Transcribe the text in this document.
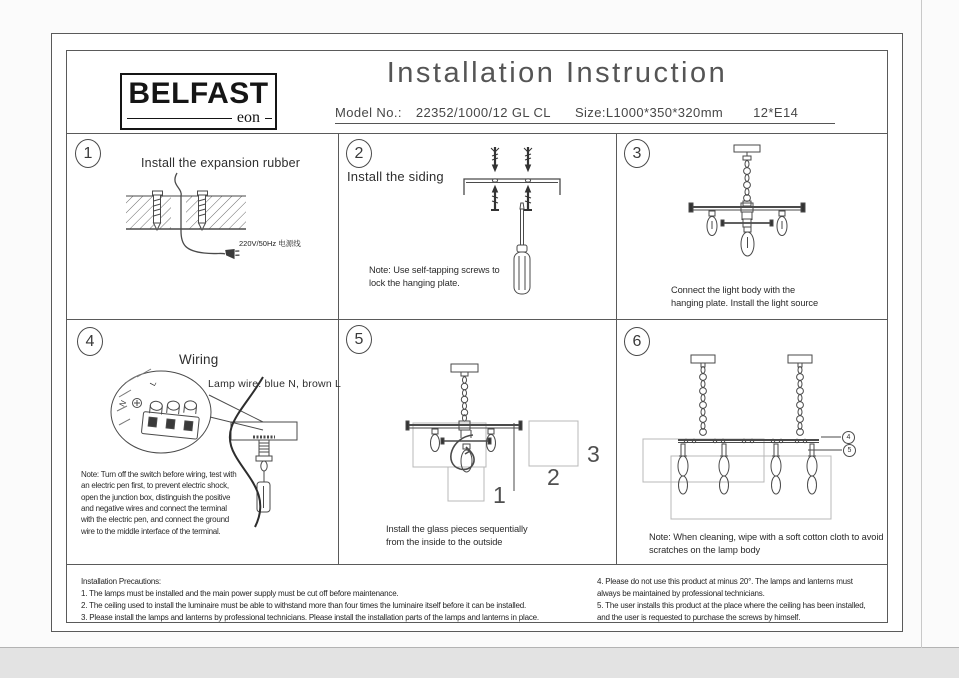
BELFAST
eon
Installation Instruction
Model No.: 22352/1000/12 GL CL Size: L1000*350*320mm 12*E14
1
Install the expansion rubber
220V/50Hz 电源线
2
Install the siding
Note: Use self-tapping screws to
lock the hanging plate.
3
Connect the light body with the
hanging plate. Install the light source
4
Wiring
Lamp wire: blue N, brown L
N
L
Note: Turn off the switch before wiring, test with an electric pen first, to prevent electric shock, open the junction box, distinguish the positive and negative wires and connect the terminal with the electric pen, and connect the ground wire to the middle interface of the terminal.
5
1
2
3
Install the glass pieces sequentially
from the inside to the outside
6
4
5
Note: When cleaning, wipe with a soft cotton cloth to avoid
scratches on the lamp body
Installation Precautions:
1. The lamps must be installed and the main power supply must be cut off before maintenance.
2. The ceiling used to install the luminaire must be able to withstand more than four times the luminaire itself before it can be installed.
3. Please install the lamps and lanterns by professional technicians. Please install the installation parts of the lamps and lanterns in place.
4. Please do not use this product at minus 20°. The lamps and lanterns must always be maintained by professional technicians.
5. The user installs this product at the place where the ceiling has been installed, and the user is requested to purchase the screws by himself.
